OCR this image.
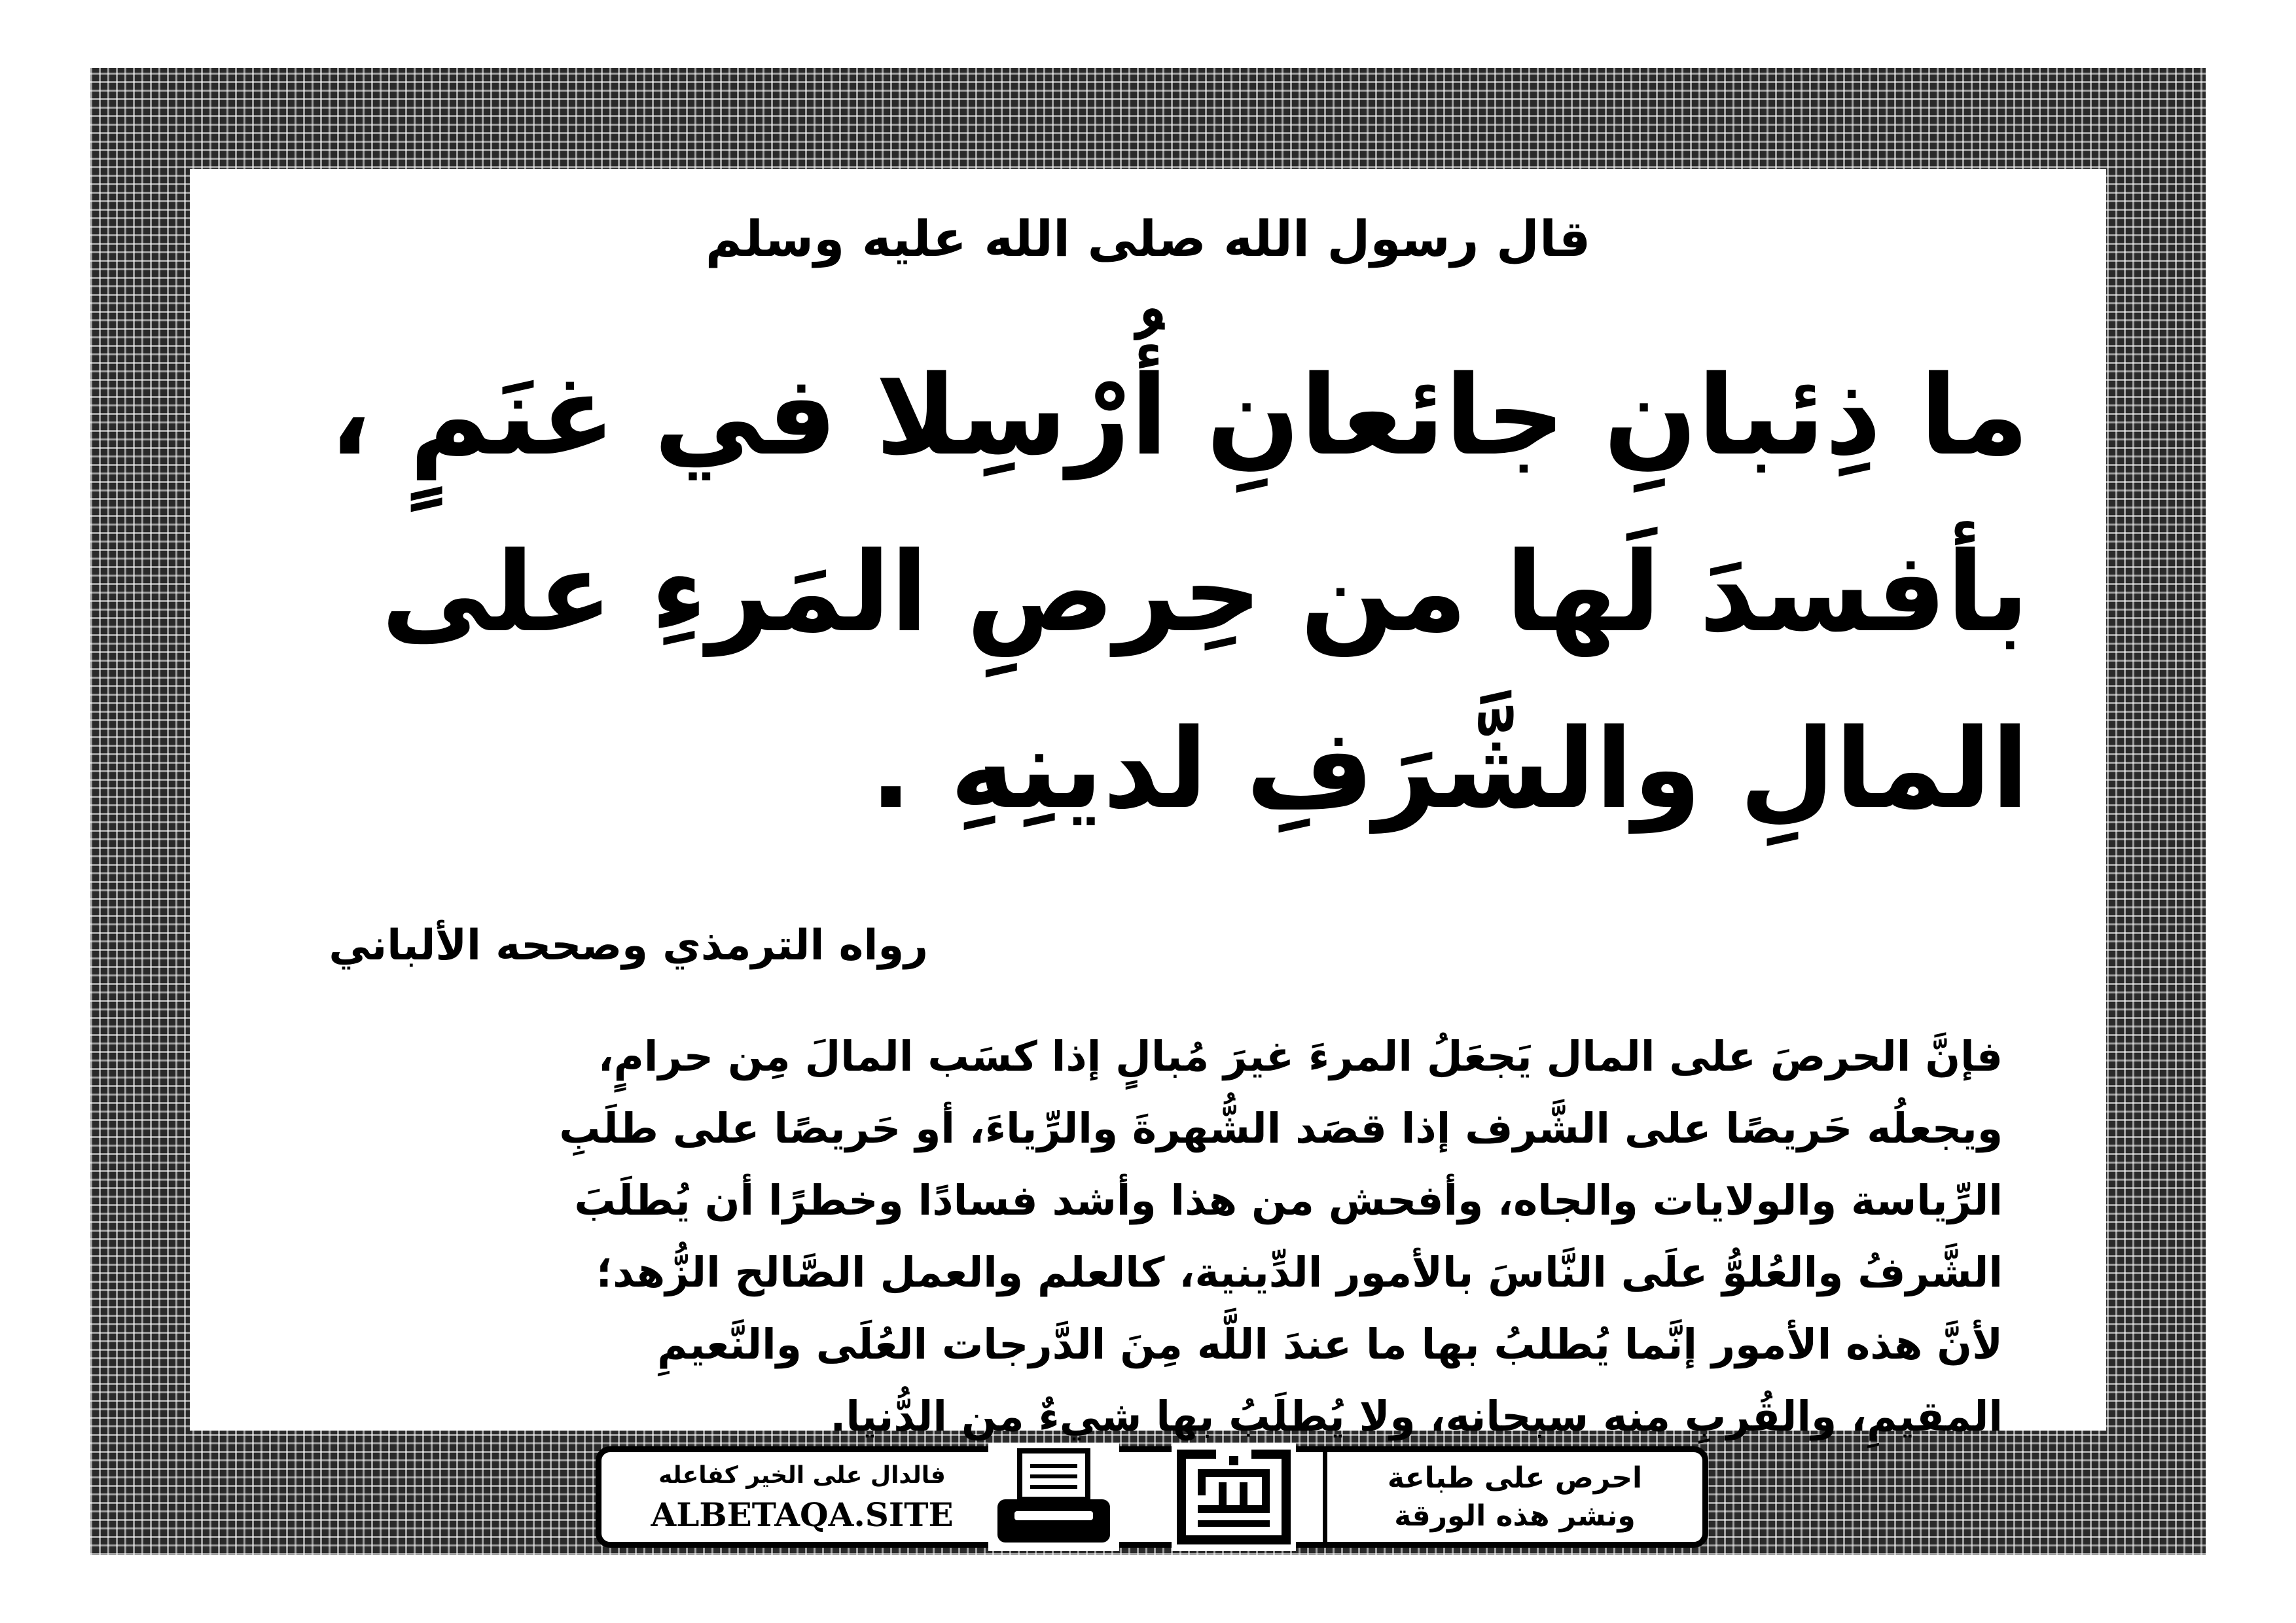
قال رسول الله صلى الله عليه وسلم
ما ذِئبانِ جائعانِ أُرْسِلا في غنَمٍ ،
بأفسدَ لَها من حِرصِ المَرءِ على
المالِ والشَّرَفِ لدينِهِ .
رواه الترمذي وصححه الألباني
فإنَّ الحرصَ على المال يَجعَلُ المرءَ غيرَ مُبالٍ إذا كسَب المالَ مِن حرامٍ،
ويجعلُه حَريصًا على الشَّرف إذا قصَد الشُّهرةَ والرِّياءَ، أو حَريصًا على طلَبِ
الرِّياسة والولايات والجاه، وأفحش من هذا وأشد فسادًا وخطرًا أن يُطلَبَ
الشَّرفُ والعُلوُّ علَى النَّاسَ بالأمور الدِّينية، كالعلم والعمل الصَّالح الزُّهد؛
لأنَّ هذه الأمور إنَّما يُطلبُ بها ما عندَ اللَّه مِنَ الدَّرجات العُلَى والنَّعيمِ
المقيمِ، والقُربِ منه سبحانه، ولا يُطلَبُ بها شيءٌ من الدُّنيا.
احرص على طباعة
ونشر هذه الورقة
فالدال على الخير كفاعله
ALBETAQA.SITE
